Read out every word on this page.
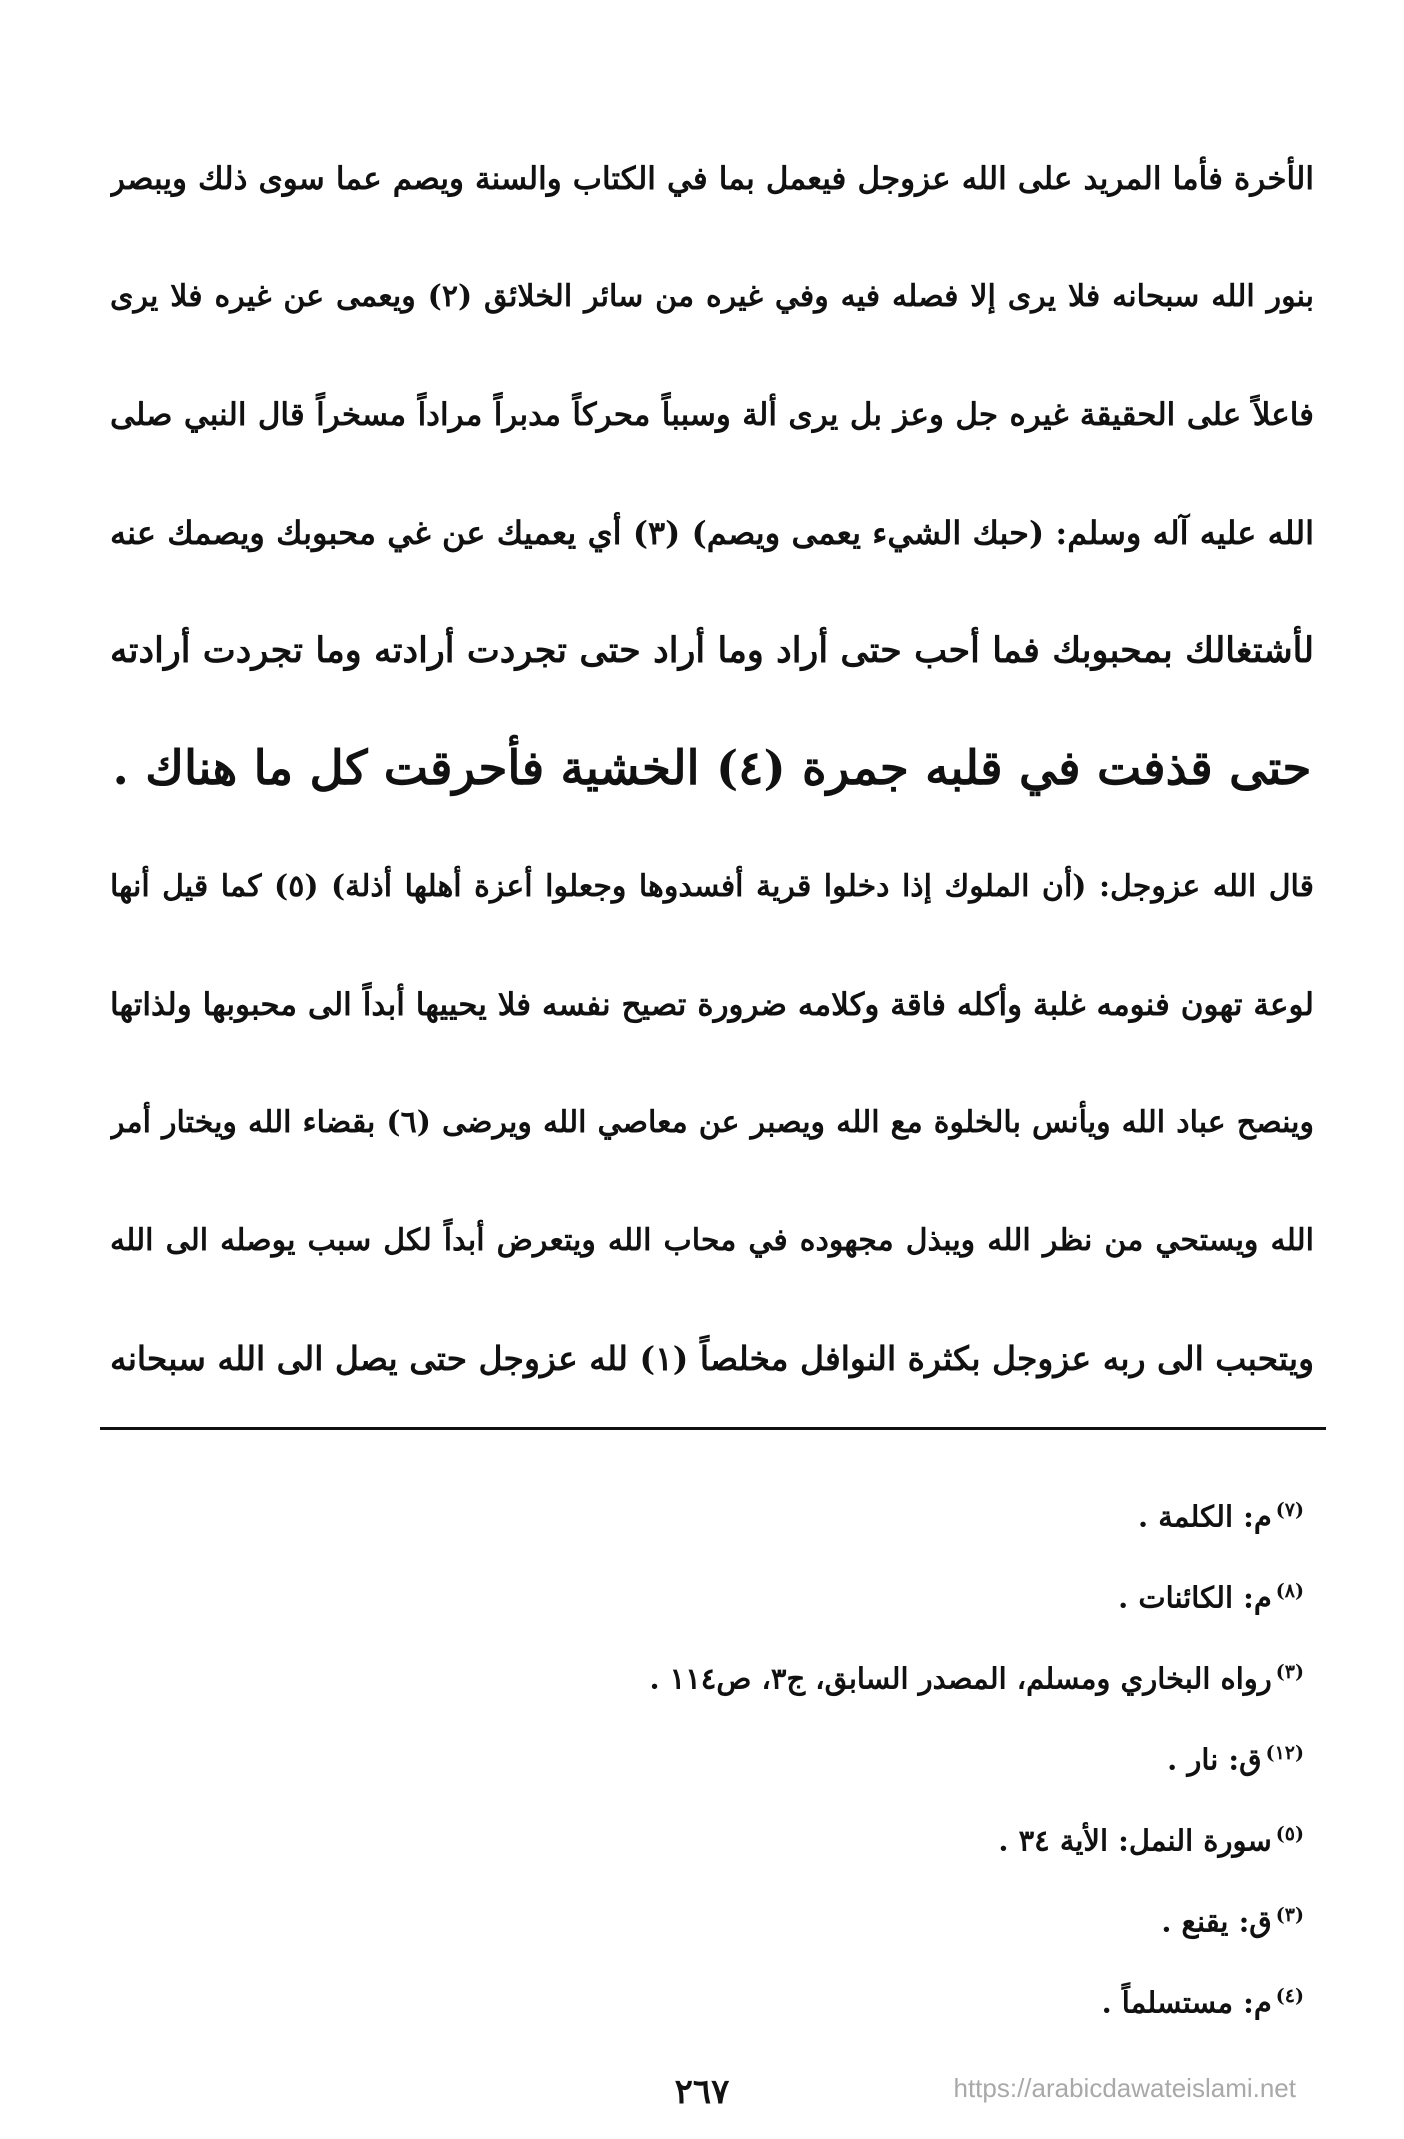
الأخرة فأما المريد على الله عزوجل فيعمل بما في الكتاب والسنة ويصم عما سوى ذلك ويبصر
بنور الله سبحانه فلا يرى إلا فصله فيه وفي غيره من سائر الخلائق (٢) ويعمى عن غيره فلا يرى
فاعلاً على الحقيقة غيره جل وعز بل يرى ألة وسبباً محركاً مدبراً مراداً مسخراً قال النبي صلى
الله عليه آله وسلم: (حبك الشيء يعمى ويصم) (٣) أي يعميك عن غي محبوبك ويصمك عنه
لأشتغالك بمحبوبك فما أحب حتى أراد وما أراد حتى تجردت أرادته وما تجردت أرادته
حتى قذفت في قلبه جمرة (٤) الخشية فأحرقت كل ما هناك .
قال الله عزوجل: (أن الملوك إذا دخلوا قرية أفسدوها وجعلوا أعزة أهلها أذلة) (٥) كما قيل أنها
لوعة تهون فنومه غلبة وأكله فاقة وكلامه ضرورة تصيح نفسه فلا يحييها أبداً الى محبوبها ولذاتها
وينصح عباد الله ويأنس بالخلوة مع الله ويصبر عن معاصي الله ويرضى (٦) بقضاء الله ويختار أمر
الله ويستحي من نظر الله ويبذل مجهوده في محاب الله ويتعرض أبداً لكل سبب يوصله الى الله
ويتحبب الى ربه عزوجل بكثرة النوافل مخلصاً (١) لله عزوجل حتى يصل الى الله سبحانه
$^{(٧)}$م: الكلمة .
$^{(٨)}$م: الكائنات .
$^{(٣)}$رواه البخاري ومسلم، المصدر السابق، ج٣، ص١١٤ .
$^{(١٢)}$ق: نار .
$^{(٥)}$سورة النمل: الأية ٣٤ .
$^{(٣)}$ق: يقنع .
$^{(٤)}$م: مستسلماً .
٢٦٧	https://arabicdawateislami.net
